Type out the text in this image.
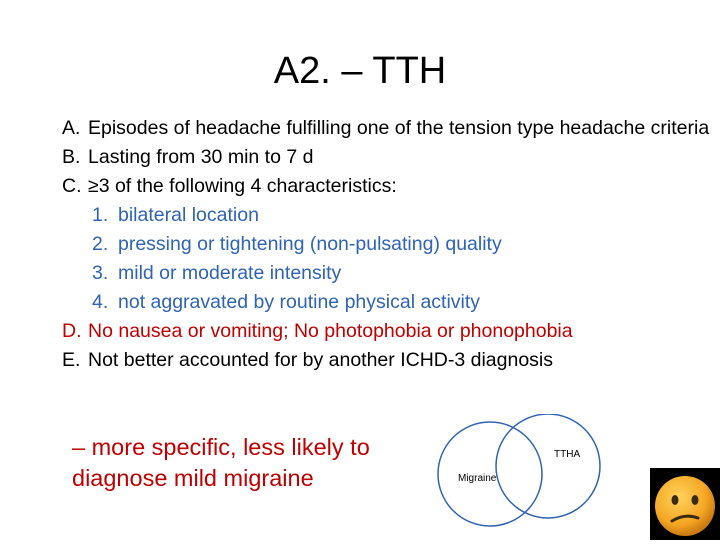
A2. – TTH
A. Episodes of headache fulfilling one of the tension type headache criteria
B. Lasting from 30 min to 7 d
C. ≥3 of the following 4 characteristics:
1. bilateral location
2. pressing or tightening (non-pulsating) quality
3. mild or moderate intensity
4. not aggravated by routine physical activity
D. No nausea or vomiting; No photophobia or phonophobia
E. Not better accounted for by another ICHD-3 diagnosis
– more specific, less likely to diagnose mild migraine	Migraine
TTHA
